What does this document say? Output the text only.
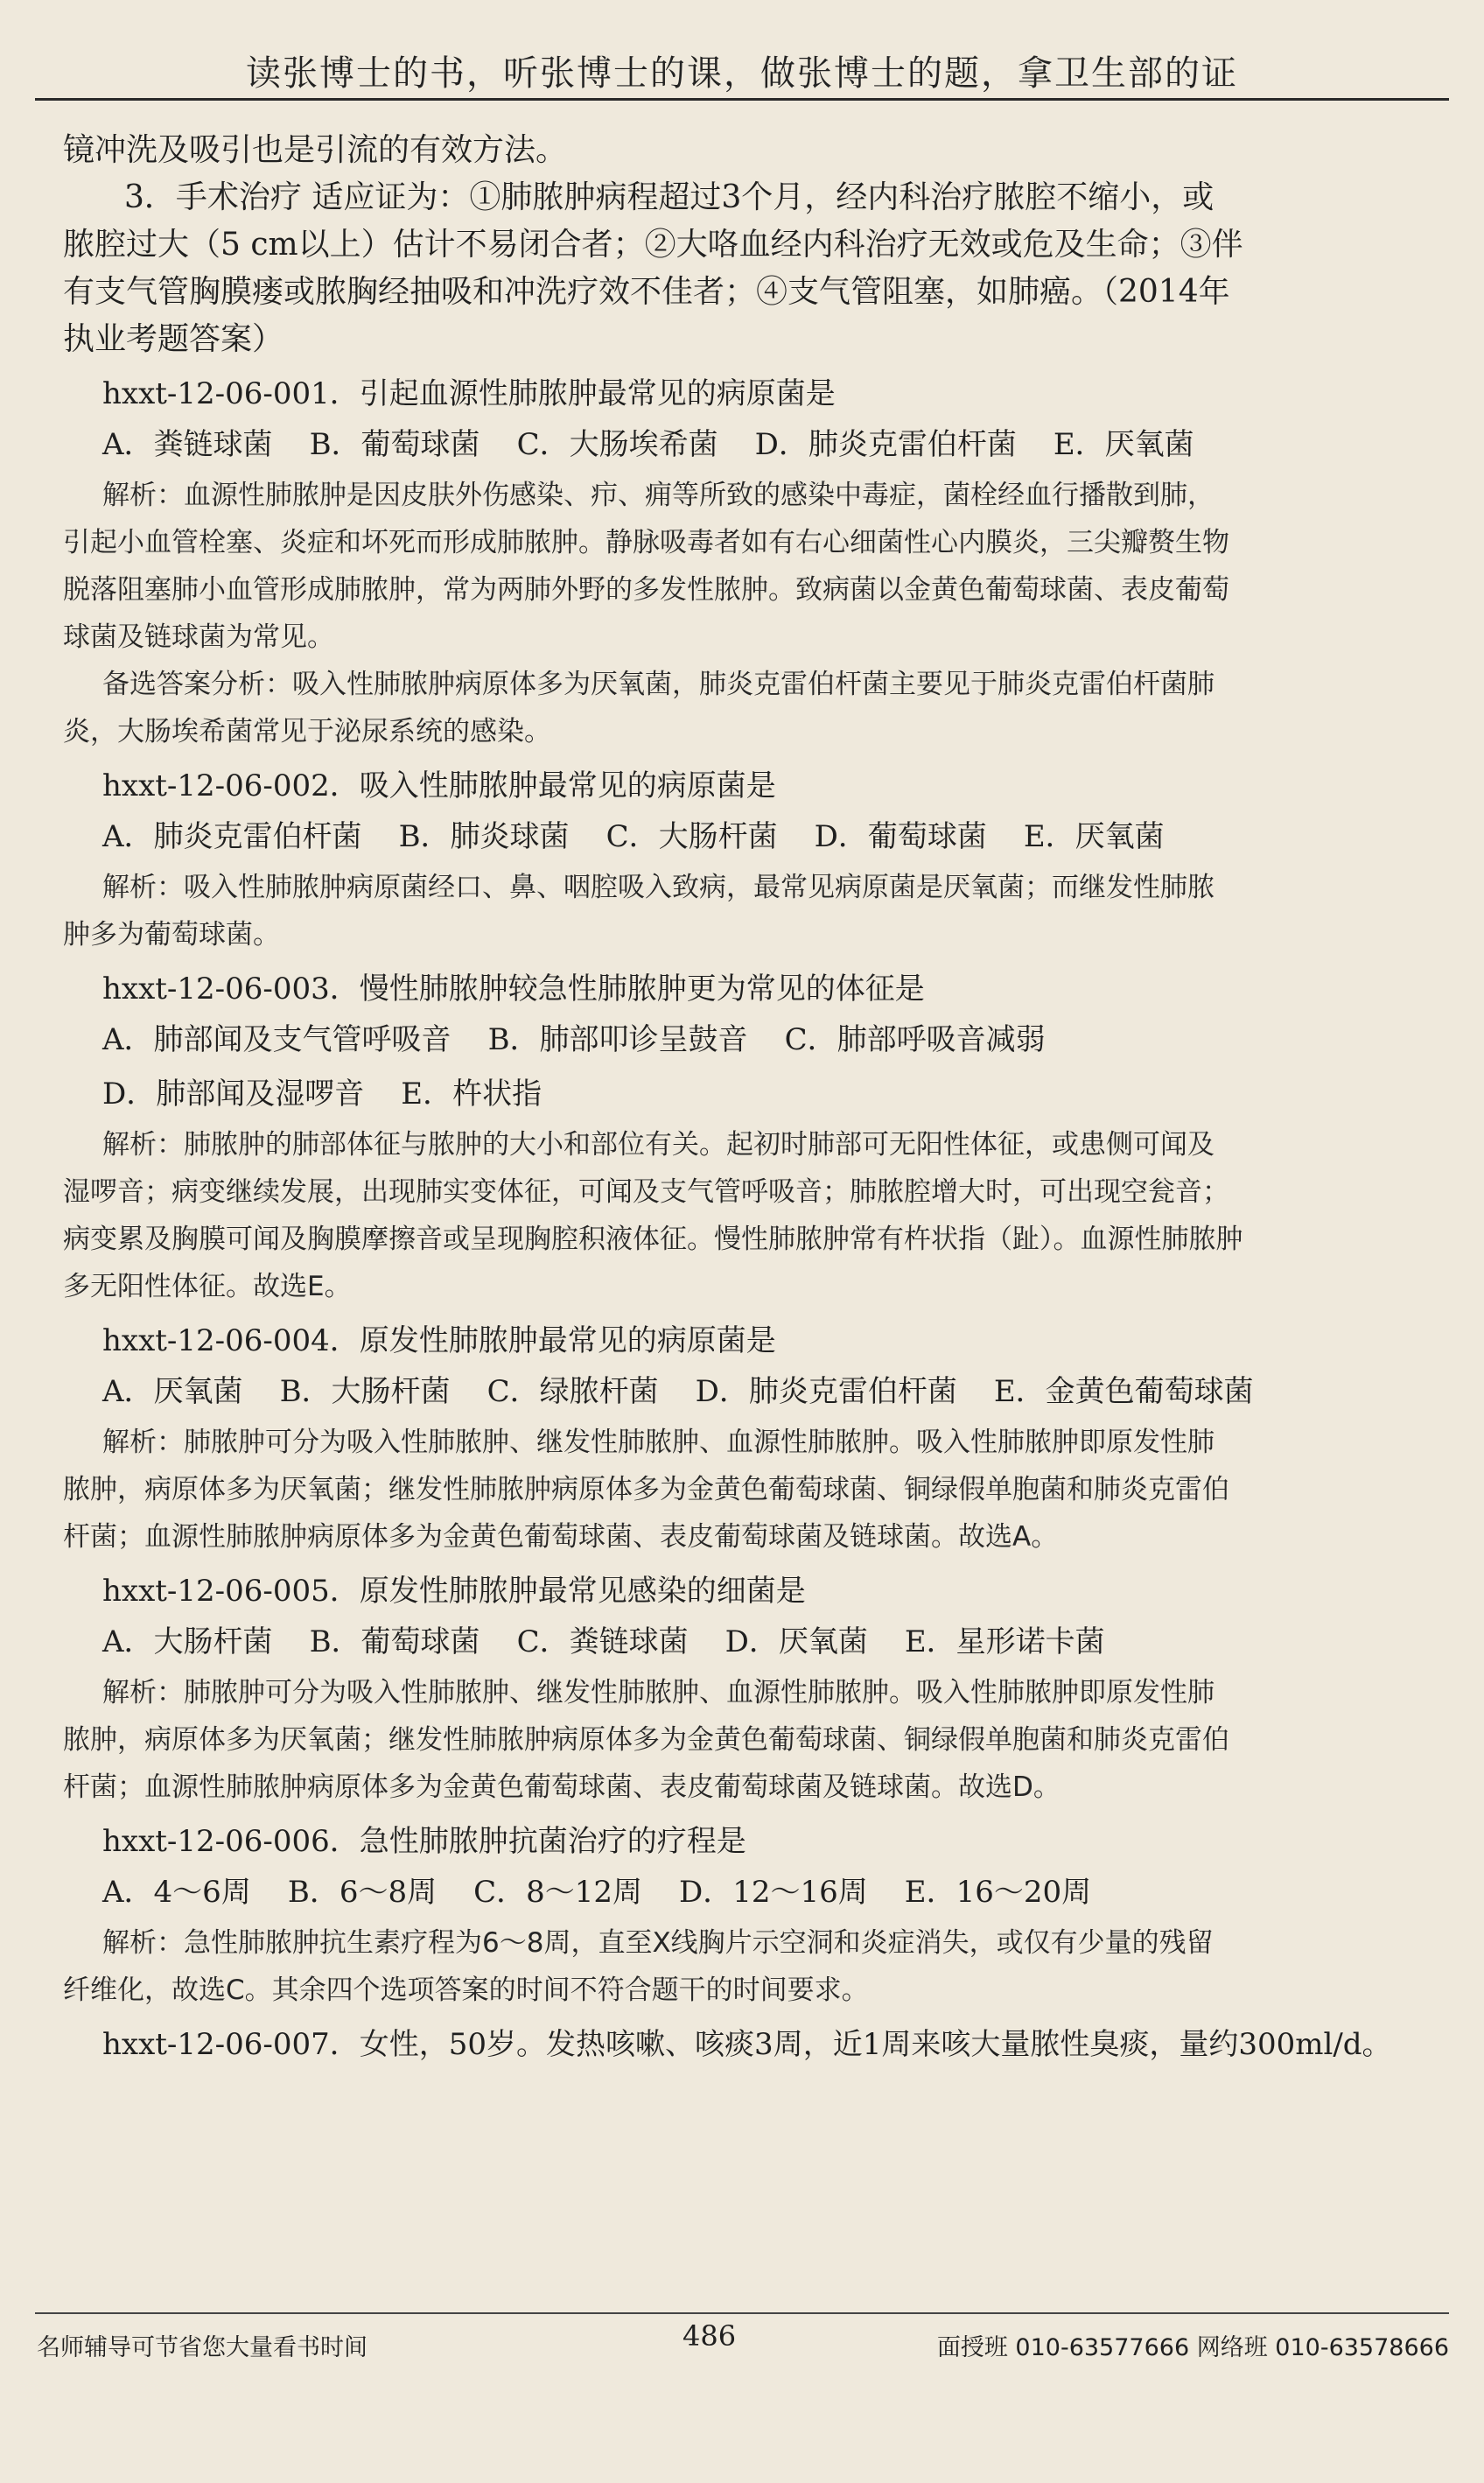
读张博士的书，听张博士的课，做张博士的题，拿卫生部的证
镜冲洗及吸引也是引流的有效方法。
3．手术治疗 适应证为：①肺脓肿病程超过3个月，经内科治疗脓腔不缩小，或
脓腔过大（5 cm以上）估计不易闭合者；②大咯血经内科治疗无效或危及生命；③伴
有支气管胸膜瘘或脓胸经抽吸和冲洗疗效不佳者；④支气管阻塞，如肺癌。（2014年
执业考题答案）
hxxt-12-06-001．引起血源性肺脓肿最常见的病原菌是
A．粪链球菌 B．葡萄球菌 C．大肠埃希菌 D．肺炎克雷伯杆菌 E．厌氧菌
解析：血源性肺脓肿是因皮肤外伤感染、疖、痈等所致的感染中毒症，菌栓经血行播散到肺，
引起小血管栓塞、炎症和坏死而形成肺脓肿。静脉吸毒者如有右心细菌性心内膜炎，三尖瓣赘生物
脱落阻塞肺小血管形成肺脓肿，常为两肺外野的多发性脓肿。致病菌以金黄色葡萄球菌、表皮葡萄
球菌及链球菌为常见。
备选答案分析：吸入性肺脓肿病原体多为厌氧菌，肺炎克雷伯杆菌主要见于肺炎克雷伯杆菌肺
炎，大肠埃希菌常见于泌尿系统的感染。
hxxt-12-06-002．吸入性肺脓肿最常见的病原菌是
A．肺炎克雷伯杆菌 B．肺炎球菌 C．大肠杆菌 D．葡萄球菌 E．厌氧菌
解析：吸入性肺脓肿病原菌经口、鼻、咽腔吸入致病，最常见病原菌是厌氧菌；而继发性肺脓
肿多为葡萄球菌。
hxxt-12-06-003．慢性肺脓肿较急性肺脓肿更为常见的体征是
A．肺部闻及支气管呼吸音 B．肺部叩诊呈鼓音 C．肺部呼吸音减弱
D．肺部闻及湿啰音 E．杵状指
解析：肺脓肿的肺部体征与脓肿的大小和部位有关。起初时肺部可无阳性体征，或患侧可闻及
湿啰音；病变继续发展，出现肺实变体征，可闻及支气管呼吸音；肺脓腔增大时，可出现空瓮音；
病变累及胸膜可闻及胸膜摩擦音或呈现胸腔积液体征。慢性肺脓肿常有杵状指（趾）。血源性肺脓肿
多无阳性体征。故选E。
hxxt-12-06-004．原发性肺脓肿最常见的病原菌是
A．厌氧菌 B．大肠杆菌 C．绿脓杆菌 D．肺炎克雷伯杆菌 E．金黄色葡萄球菌
解析：肺脓肿可分为吸入性肺脓肿、继发性肺脓肿、血源性肺脓肿。吸入性肺脓肿即原发性肺
脓肿，病原体多为厌氧菌；继发性肺脓肿病原体多为金黄色葡萄球菌、铜绿假单胞菌和肺炎克雷伯
杆菌；血源性肺脓肿病原体多为金黄色葡萄球菌、表皮葡萄球菌及链球菌。故选A。
hxxt-12-06-005．原发性肺脓肿最常见感染的细菌是
A．大肠杆菌 B．葡萄球菌 C．粪链球菌 D．厌氧菌 E．星形诺卡菌
解析：肺脓肿可分为吸入性肺脓肿、继发性肺脓肿、血源性肺脓肿。吸入性肺脓肿即原发性肺
脓肿，病原体多为厌氧菌；继发性肺脓肿病原体多为金黄色葡萄球菌、铜绿假单胞菌和肺炎克雷伯
杆菌；血源性肺脓肿病原体多为金黄色葡萄球菌、表皮葡萄球菌及链球菌。故选D。
hxxt-12-06-006．急性肺脓肿抗菌治疗的疗程是
A．4～6周 B．6～8周 C．8～12周 D．12～16周 E．16～20周
解析：急性肺脓肿抗生素疗程为6～8周，直至X线胸片示空洞和炎症消失，或仅有少量的残留
纤维化，故选C。其余四个选项答案的时间不符合题干的时间要求。
hxxt-12-06-007．女性，50岁。发热咳嗽、咳痰3周，近1周来咳大量脓性臭痰，量约300ml/d。
名师辅导可节省您大量看书时间	486	面授班 010-63577666 网络班 010-63578666
